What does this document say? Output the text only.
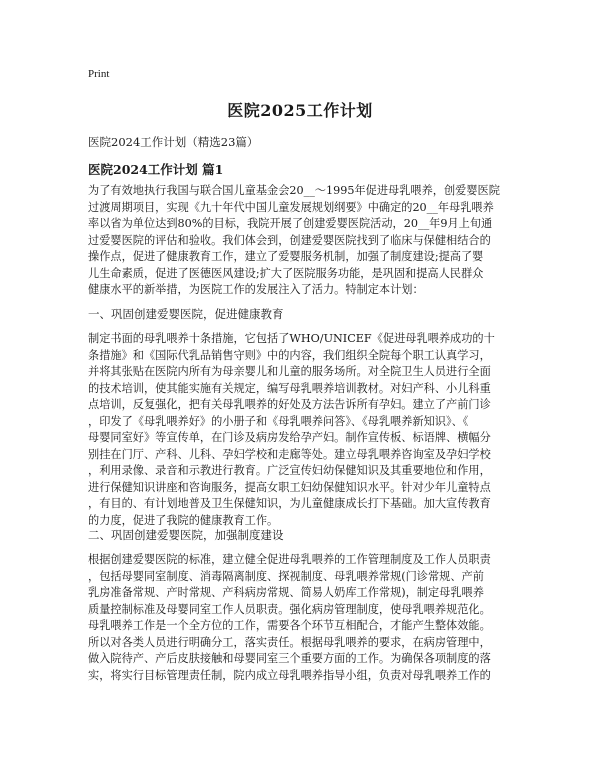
Print
医院2025工作计划
医院2024工作计划（精选23篇）
医院2024工作计划 篇1
为了有效地执行我国与联合国儿童基金会20__～1995年促进母乳喂养，创爱婴医院
过渡周期项目，实现《九十年代中国儿童发展规划纲要》中确定的20__年母乳喂养
率以省为单位达到80%的目标，我院开展了创建爱婴医院活动，20__年9月上旬通
过爱婴医院的评估和验收。我们体会到，创建爱婴医院找到了临床与保健相结合的
操作点，促进了健康教育工作，建立了爱婴服务机制，加强了制度建设;提高了婴
儿生命素质，促进了医德医风建设;扩大了医院服务功能，是巩固和提高人民群众
健康水平的新举措，为医院工作的发展注入了活力。特制定本计划：
一、巩固创建爱婴医院，促进健康教育
制定书面的母乳喂养十条措施，它包括了WHO/UNICEF《促进母乳喂养成功的十
条措施》和《国际代乳品销售守则》中的内容，我们组织全院每个职工认真学习，
并将其张贴在医院内所有为母亲婴儿和儿童的服务场所。对全院卫生人员进行全面
的技术培训，使其能实施有关规定，编写母乳喂养培训教材。对妇产科、小儿科重
点培训，反复强化，把有关母乳喂养的好处及方法告诉所有孕妇。建立了产前门诊
，印发了《母乳喂养好》的小册子和《母乳喂养问答》、《母乳喂养新知识》、《
母婴同室好》等宣传单，在门诊及病房发给孕产妇。制作宣传板、标语牌、横幅分
别挂在门厅、产科、儿科、孕妇学校和走廊等处。建立母乳喂养咨询室及孕妇学校
，利用录像、录音和示教进行教育。广泛宣传妇幼保健知识及其重要地位和作用，
进行保健知识讲座和咨询服务，提高女职工妇幼保健知识水平。针对少年儿童特点
，有目的、有计划地普及卫生保健知识，为儿童健康成长打下基础。加大宣传教育
的力度，促进了我院的健康教育工作。
二、巩固创建爱婴医院，加强制度建设
根据创建爱婴医院的标准，建立健全促进母乳喂养的工作管理制度及工作人员职责
，包括母婴同室制度、消毒隔离制度、探视制度、母乳喂养常规(门诊常规、产前
乳房准备常规、产时常规、产科病房常规、简易人奶库工作常规)，制定母乳喂养
质量控制标准及母婴同室工作人员职责。强化病房管理制度，使母乳喂养规范化。
母乳喂养工作是一个全方位的工作，需要各个环节互相配合，才能产生整体效能。
所以对各类人员进行明确分工，落实责任。根据母乳喂养的要求，在病房管理中，
做入院待产、产后皮肤接触和母婴同室三个重要方面的工作。为确保各项制度的落
实，将实行目标管理责任制，院内成立母乳喂养指导小组，负责对母乳喂养工作的
